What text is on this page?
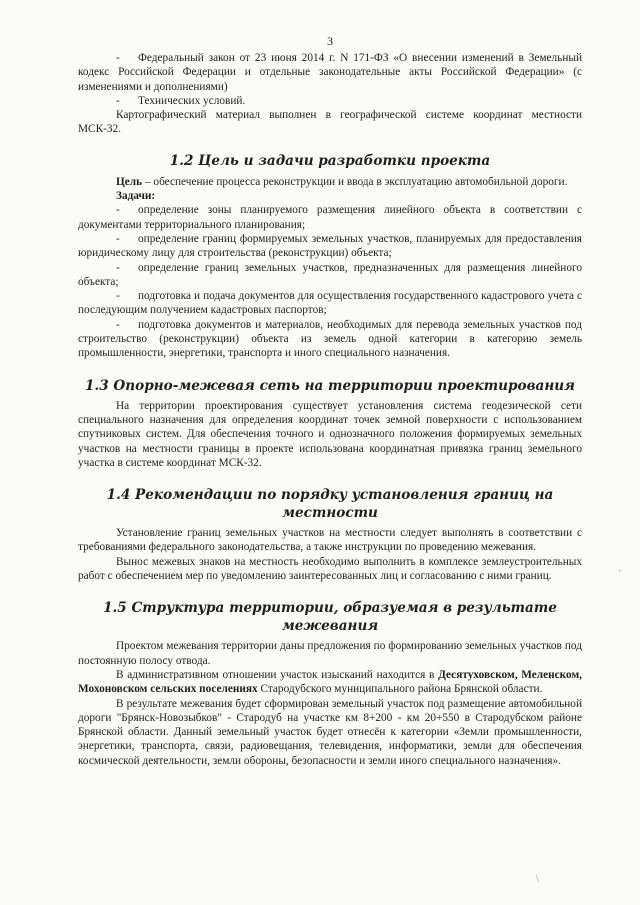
3

- Федеральный закон от 23 июня 2014 г. N 171-ФЗ «О внесении изменений в Земельный кодекс Российской Федерации и отдельные законодательные акты Российской Федерации» (с изменениями и дополнениями)

- Технических условий.

Картографический материал выполнен в географической системе координат местности МСК-32.

1.2 Цель и задачи разработки проекта

Цель – обеспечение процесса реконструкции и ввода в эксплуатацию автомобильной дороги.

Задачи:

- определение зоны планируемого размещения линейного объекта в соответствии с документами территориального планирования;

- определение границ формируемых земельных участков, планируемых для предоставления юридическому лицу для строительства (реконструкции) объекта;

- определение границ земельных участков, предназначенных для размещения линейного объекта;

- подготовка и подача документов для осуществления государственного кадастрового учета с последующим получением кадастровых паспортов;

- подготовка документов и материалов, необходимых для перевода земельных участков под строительство (реконструкции) объекта из земель одной категории в категорию земель промышленности, энергетики, транспорта и иного специального назначения.

1.3 Опорно-межевая сеть на территории проектирования

На территории проектирования существует установления система геодезической сети специального назначения для определения координат точек земной поверхности с использованием спутниковых систем. Для обеспечения точного и однозначного положения формируемых земельных участков на местности границы в проекте использована координатная привязка границ земельного участка в системе координат МСК-32.

1.4 Рекомендации по порядку установления границ на местности

Установление границ земельных участков на местности следует выполнять в соответствии с требованиями федерального законодательства, а также инструкции по проведению межевания.

Вынос межевых знаков на местность необходимо выполнить в комплексе землеустроительных работ с обеспечением мер по уведомлению заинтересованных лиц и согласованию с ними границ.

1.5 Структура территории, образуемая в результате
межевания

Проектом межевания территории даны предложения по формированию земельных участков под постоянную полосу отвода.

В административном отношении участок изысканий находится в Десятуховском, Меленском, Мохоновском сельских поселениях Стародубского муниципального района Брянской области.

В результате межевания будет сформирован земельный участок под размещение автомобильной дороги "Брянск-Новозыбков" - Стародуб на участке км 8+200 - км 20+550 в Стародубском районе Брянской области. Данный земельный участок будет отнесён к категории «Земли промышленности, энергетики, транспорта, связи, радиовещания, телевидения, информатики, земли для обеспечения космической деятельности, земли обороны, безопасности и земли иного специального назначения».

·
\
